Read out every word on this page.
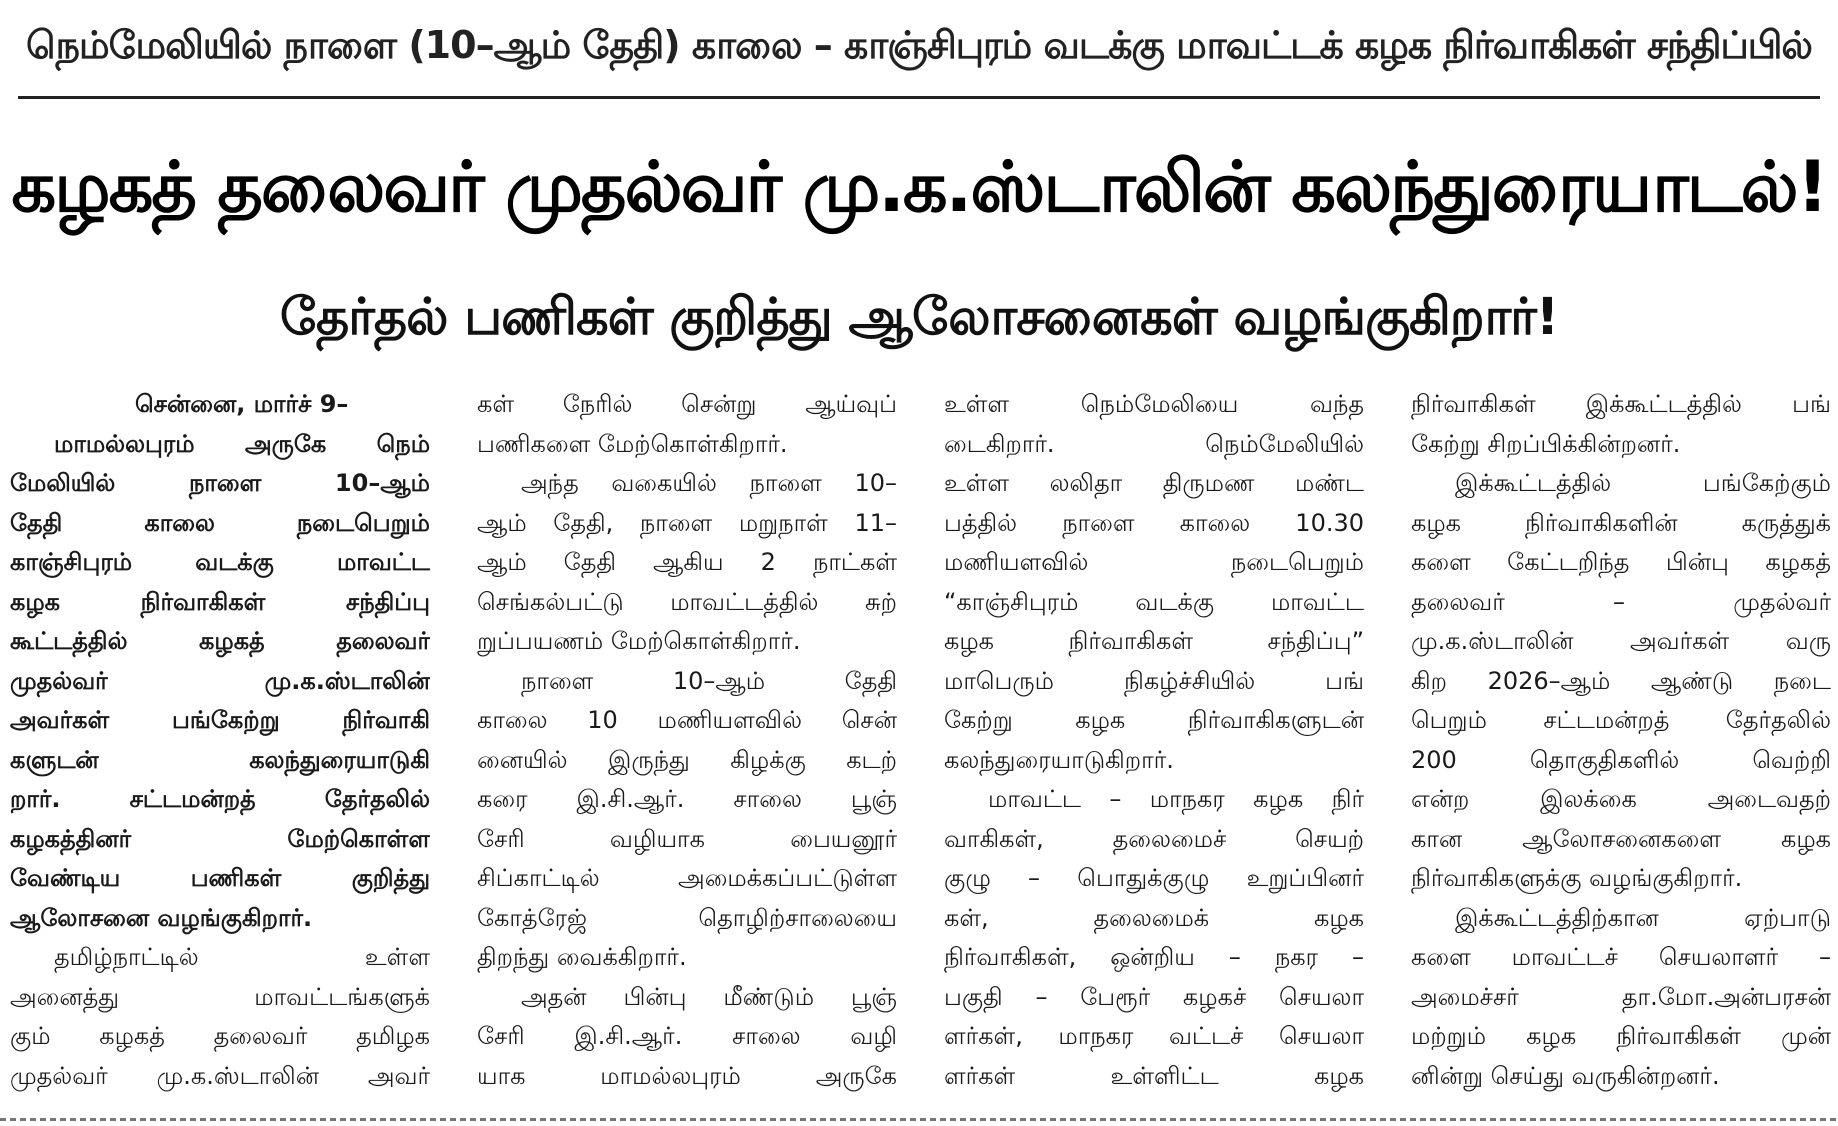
நெம்மேலியில் நாளை (10–ஆம் தேதி) காலை – காஞ்சிபுரம் வடக்கு மாவட்டக் கழக நிர்வாகிகள் சந்திப்பில்
கழகத் தலைவர் முதல்வர் மு.க.ஸ்டாலின் கலந்துரையாடல்!
தேர்தல் பணிகள் குறித்து ஆலோசனைகள் வழங்குகிறார்!
சென்னை, மார்ச் 9–
மாமல்லபுரம் அருகே நெம்
மேலியில் நாளை 10–ஆம்
தேதி காலை நடைபெறும்
காஞ்சிபுரம் வடக்கு மாவட்ட
கழக நிர்வாகிகள் சந்திப்பு
கூட்டத்தில் கழகத் தலைவர்
முதல்வர் மு.க.ஸ்டாலின்
அவர்கள் பங்கேற்று நிர்வாகி
களுடன் கலந்துரையாடுகி
றார். சட்டமன்றத் தேர்தலில்
கழகத்தினர் மேற்கொள்ள
வேண்டிய பணிகள் குறித்து
ஆலோசனை வழங்குகிறார்.
தமிழ்நாட்டில் உள்ள
அனைத்து மாவட்டங்களுக்
கும் கழகத் தலைவர் தமிழக
முதல்வர் மு.க.ஸ்டாலின் அவர்
கள் நேரில் சென்று ஆய்வுப்
பணிகளை மேற்கொள்கிறார்.
அந்த வகையில் நாளை 10–
ஆம் தேதி, நாளை மறுநாள் 11–
ஆம் தேதி ஆகிய 2 நாட்கள்
செங்கல்பட்டு மாவட்டத்தில் சுற்
றுப்பயணம் மேற்கொள்கிறார்.
நாளை 10–ஆம் தேதி
காலை 10 மணியளவில் சென்
னையில் இருந்து கிழக்கு கடற்
கரை இ.சி.ஆர். சாலை பூஞ்
சேரி வழியாக பையனூர்
சிப்காட்டில் அமைக்கப்பட்டுள்ள
கோத்ரேஜ் தொழிற்சாலையை
திறந்து வைக்கிறார்.
அதன் பின்பு மீண்டும் பூஞ்
சேரி இ.சி.ஆர். சாலை வழி
யாக மாமல்லபுரம் அருகே
உள்ள நெம்மேலியை வந்த
டைகிறார். நெம்மேலியில்
உள்ள லலிதா திருமண மண்ட
பத்தில் நாளை காலை 10.30
மணியளவில் நடைபெறும்
“காஞ்சிபுரம் வடக்கு மாவட்ட
கழக நிர்வாகிகள் சந்திப்பு”
மாபெரும் நிகழ்ச்சியில் பங்
கேற்று கழக நிர்வாகிகளுடன்
கலந்துரையாடுகிறார்.
மாவட்ட – மாநகர கழக நிர்
வாகிகள், தலைமைச் செயற்
குழு – பொதுக்குழு உறுப்பினர்
கள், தலைமைக் கழக
நிர்வாகிகள், ஒன்றிய – நகர –
பகுதி – பேரூர் கழகச் செயலா
ளர்கள், மாநகர வட்டச் செயலா
ளர்கள் உள்ளிட்ட கழக
நிர்வாகிகள் இக்கூட்டத்தில் பங்
கேற்று சிறப்பிக்கின்றனர்.
இக்கூட்டத்தில் பங்கேற்கும்
கழக நிர்வாகிகளின் கருத்துக்
களை கேட்டறிந்த பின்பு கழகத்
தலைவர் – முதல்வர்
மு.க.ஸ்டாலின் அவர்கள் வரு
கிற 2026–ஆம் ஆண்டு நடை
பெறும் சட்டமன்றத் தேர்தலில்
200 தொகுதிகளில் வெற்றி
என்ற இலக்கை அடைவதற்
கான ஆலோசனைகளை கழக
நிர்வாகிகளுக்கு வழங்குகிறார்.
இக்கூட்டத்திற்கான ஏற்பாடு
களை மாவட்டச் செயலாளர் –
அமைச்சர் தா.மோ.அன்பரசன்
மற்றும் கழக நிர்வாகிகள் முன்
னின்று செய்து வருகின்றனர்.
